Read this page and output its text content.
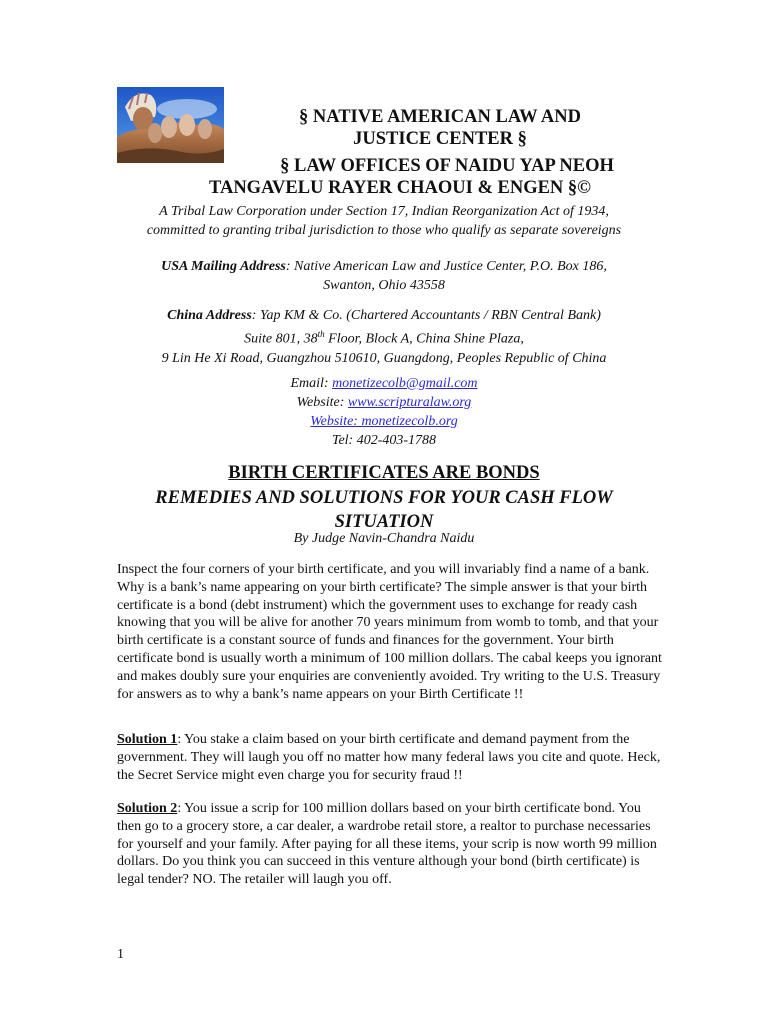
§ NATIVE AMERICAN LAW AND
JUSTICE CENTER §
§ LAW OFFICES OF NAIDU YAP NEOH
TANGAVELU RAYER CHAOUI & ENGEN §©
A Tribal Law Corporation under Section 17, Indian Reorganization Act of 1934,
committed to granting tribal jurisdiction to those who qualify as separate sovereigns
USA Mailing Address: Native American Law and Justice Center, P.O. Box 186,
Swanton, Ohio 43558
China Address: Yap KM & Co. (Chartered Accountants / RBN Central Bank)
Suite 801, 38th Floor, Block A, China Shine Plaza,
9 Lin He Xi Road, Guangzhou 510610, Guangdong, Peoples Republic of China
Email: monetizecolb@gmail.com
Website: www.scripturalaw.org
Website: monetizecolb.org
Tel: 402-403-1788
BIRTH CERTIFICATES ARE BONDS
REMEDIES AND SOLUTIONS FOR YOUR CASH FLOW
SITUATION
By Judge Navin-Chandra Naidu
Inspect the four corners of your birth certificate, and you will invariably find a name of a bank. Why is a bank’s name appearing on your birth certificate? The simple answer is that your birth certificate is a bond (debt instrument) which the government uses to exchange for ready cash knowing that you will be alive for another 70 years minimum from womb to tomb, and that your birth certificate is a constant source of funds and finances for the government. Your birth certificate bond is usually worth a minimum of 100 million dollars. The cabal keeps you ignorant and makes doubly sure your enquiries are conveniently avoided. Try writing to the U.S. Treasury for answers as to why a bank’s name appears on your Birth Certificate !!
Solution 1: You stake a claim based on your birth certificate and demand payment from the government. They will laugh you off no matter how many federal laws you cite and quote. Heck, the Secret Service might even charge you for security fraud !!
Solution 2: You issue a scrip for 100 million dollars based on your birth certificate bond. You then go to a grocery store, a car dealer, a wardrobe retail store, a realtor to purchase necessaries for yourself and your family. After paying for all these items, your scrip is now worth 99 million dollars. Do you think you can succeed in this venture although your bond (birth certificate) is legal tender? NO. The retailer will laugh you off.
1
